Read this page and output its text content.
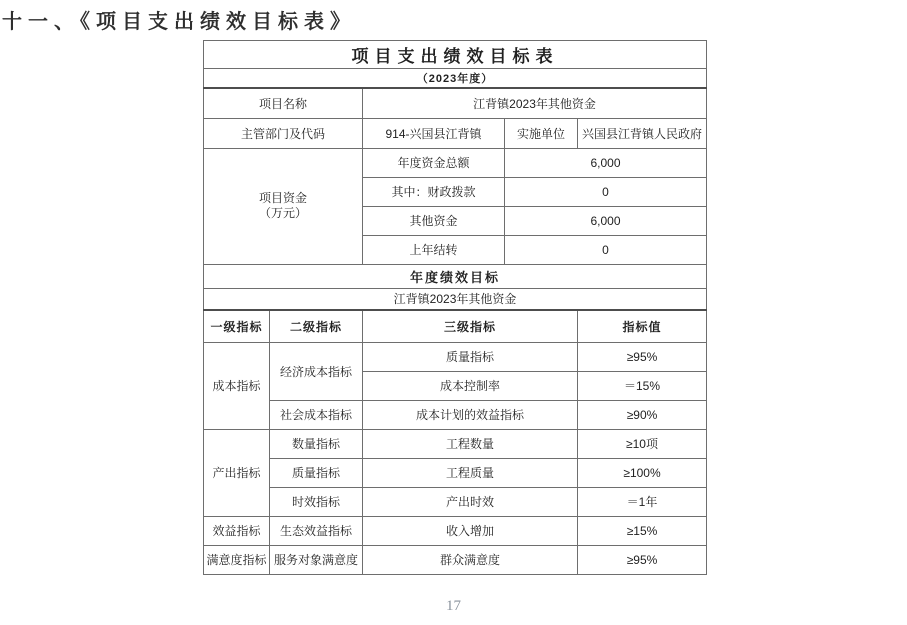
十一、《项目支出绩效目标表》
项目支出绩效目标表				
（2023年度）				
项目名称		江背镇2023年其他资金		
主管部门及代码		914-兴国县江背镇	实施单位	兴国县江背镇人民政府

项目资金
（万元）		年度资金总额	6,000	
		其中：财政拨款	0	
		其他资金	6,000	
		上年结转	0	
年度绩效目标				
江背镇2023年其他资金				
一级指标	二级指标	三级指标		指标值
成本指标	经济成本指标	质量指标		≥95%
		成本控制率		＝15%
	社会成本指标	成本计划的效益指标		≥90%
产出指标	数量指标	工程数量		≥10项
	质量指标	工程质量		≥100%
	时效指标	产出时效		＝1年
效益指标	生态效益指标	收入增加		≥15%
满意度指标	服务对象满意度	群众满意度		≥95%
17
